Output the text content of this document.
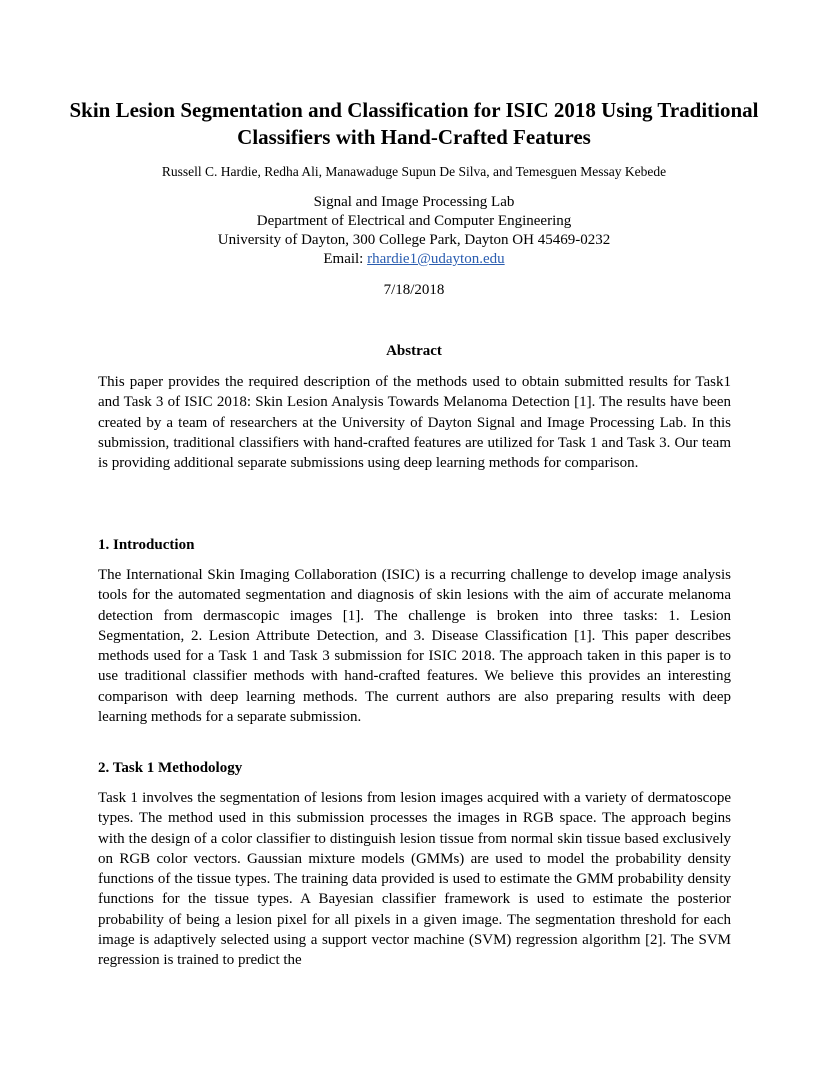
Skin Lesion Segmentation and Classification for ISIC 2018 Using Traditional Classifiers with Hand-Crafted Features
Russell C. Hardie, Redha Ali, Manawaduge Supun De Silva, and Temesguen Messay Kebede
Signal and Image Processing Lab
Department of Electrical and Computer Engineering
University of Dayton, 300 College Park, Dayton OH 45469-0232
Email: rhardie1@udayton.edu
7/18/2018
Abstract

This paper provides the required description of the methods used to obtain submitted results for Task1 and Task 3 of ISIC 2018: Skin Lesion Analysis Towards Melanoma Detection [1]. The results have been created by a team of researchers at the University of Dayton Signal and Image Processing Lab. In this submission, traditional classifiers with hand-crafted features are utilized for Task 1 and Task 3. Our team is providing additional separate submissions using deep learning methods for comparison.

1. Introduction

The International Skin Imaging Collaboration (ISIC) is a recurring challenge to develop image analysis tools for the automated segmentation and diagnosis of skin lesions with the aim of accurate melanoma detection from dermascopic images [1]. The challenge is broken into three tasks: 1. Lesion Segmentation, 2. Lesion Attribute Detection, and 3. Disease Classification [1]. This paper describes methods used for a Task 1 and Task 3 submission for ISIC 2018. The approach taken in this paper is to use traditional classifier methods with hand-crafted features. We believe this provides an interesting comparison with deep learning methods. The current authors are also preparing results with deep learning methods for a separate submission.

2. Task 1 Methodology

Task 1 involves the segmentation of lesions from lesion images acquired with a variety of dermatoscope types. The method used in this submission processes the images in RGB space. The approach begins with the design of a color classifier to distinguish lesion tissue from normal skin tissue based exclusively on RGB color vectors. Gaussian mixture models (GMMs) are used to model the probability density functions of the tissue types. The training data provided is used to estimate the GMM probability density functions for the tissue types. A Bayesian classifier framework is used to estimate the posterior probability of being a lesion pixel for all pixels in a given image. The segmentation threshold for each image is adaptively selected using a support vector machine (SVM) regression algorithm [2]. The SVM regression is trained to predict the
